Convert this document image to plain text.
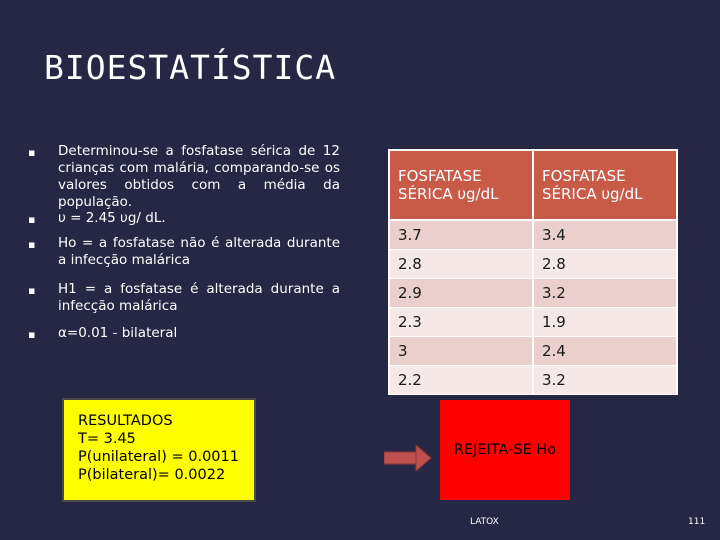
BIOESTATÍSTICA
▪ Determinou-se a fosfatase sérica de 12 crianças com malária, comparando-se os valores obtidos com a média da população.
▪ υ = 2.45 υg/ dL.
▪ Ho = a fosfatase não é alterada durante a infecção malárica
▪ H1 = a fosfatase é alterada durante a infecção malárica
▪ α=0.01 - bilateral
FOSFATASE SÉRICA υg/dL	FOSFATASE SÉRICA υg/dL
3.7	3.4
2.8	2.8
2.9	3.2
2.3	1.9
3	2.4
2.2	3.2
RESULTADOS
T= 3.45
P(unilateral) = 0.0011
P(bilateral)= 0.0022
REJEITA-SE Ho
LATOX	111
